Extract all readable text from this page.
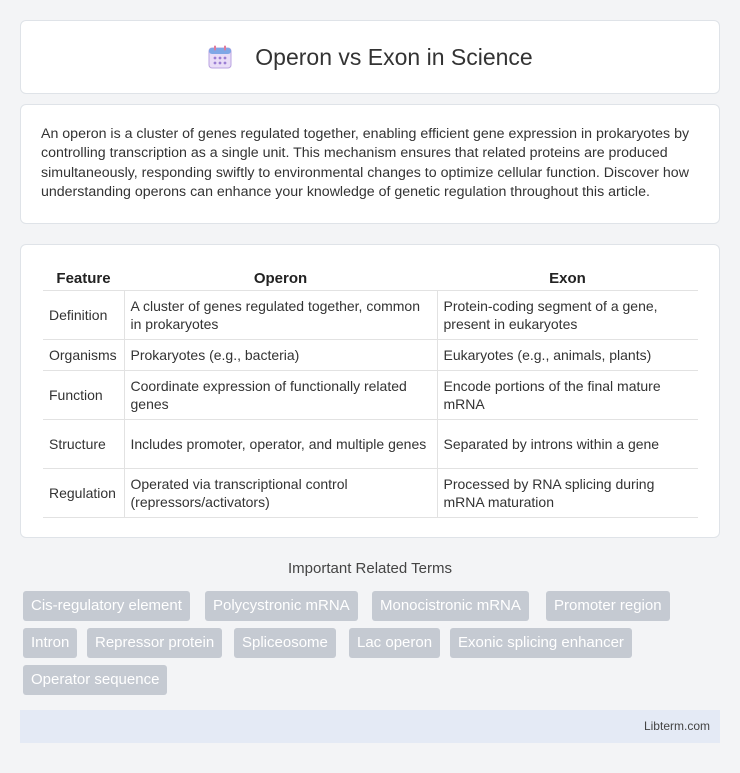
Operon vs Exon in Science

An operon is a cluster of genes regulated together, enabling efficient gene expression in prokaryotes by controlling transcription as a single unit. This mechanism ensures that related proteins are produced simultaneously, responding swiftly to environmental changes to optimize cellular function. Discover how understanding operons can enhance your knowledge of genetic regulation throughout this article.

Feature	Operon	Exon
Definition	A cluster of genes regulated together, common in prokaryotes	Protein-coding segment of a gene, present in eukaryotes
Organisms	Prokaryotes (e.g., bacteria)	Eukaryotes (e.g., animals, plants)
Function	Coordinate expression of functionally related genes	Encode portions of the final mature mRNA
Structure	Includes promoter, operator, and multiple genes	Separated by introns within a gene
Regulation	Operated via transcriptional control (repressors/activators)	Processed by RNA splicing during mRNA maturation
Important Related Terms
Cis-regulatory element	Polycystronic mRNA	Monocistronic mRNA	Promoter region
Intron	Repressor protein	Spliceosome	Lac operon	Exonic splicing enhancer
Operator sequence
Libterm.com
